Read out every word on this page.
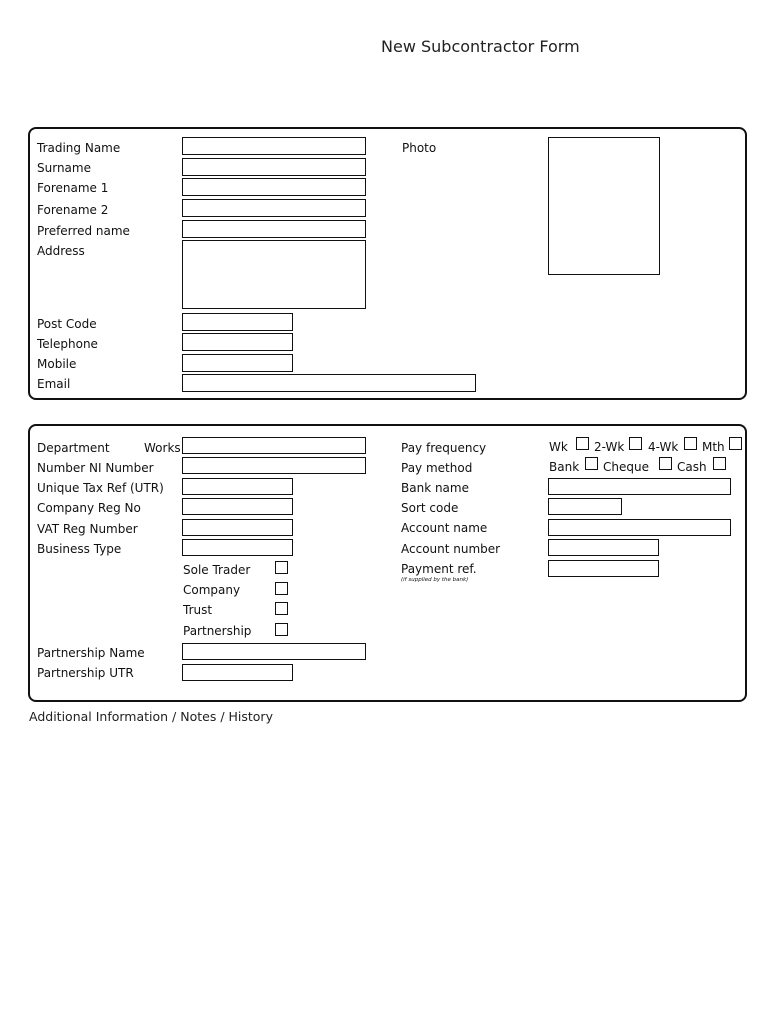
New Subcontractor Form
Trading Name
Surname
Forename 1
Forename 2
Preferred name
Address
Post Code
Telephone
Mobile
Email
Photo
Department	Works
Number NI Number
Unique Tax Ref (UTR)
Company Reg No
VAT Reg Number
Business Type
Sole Trader
Company
Trust
Partnership
Partnership Name
Partnership UTR
Pay frequency	Wk 2-Wk 4-Wk Mth
Pay method	Bank Cheque Cash
Bank name
Sort code
Account name
Account number
Payment ref.
(if supplied by the bank)
Additional Information / Notes / History
